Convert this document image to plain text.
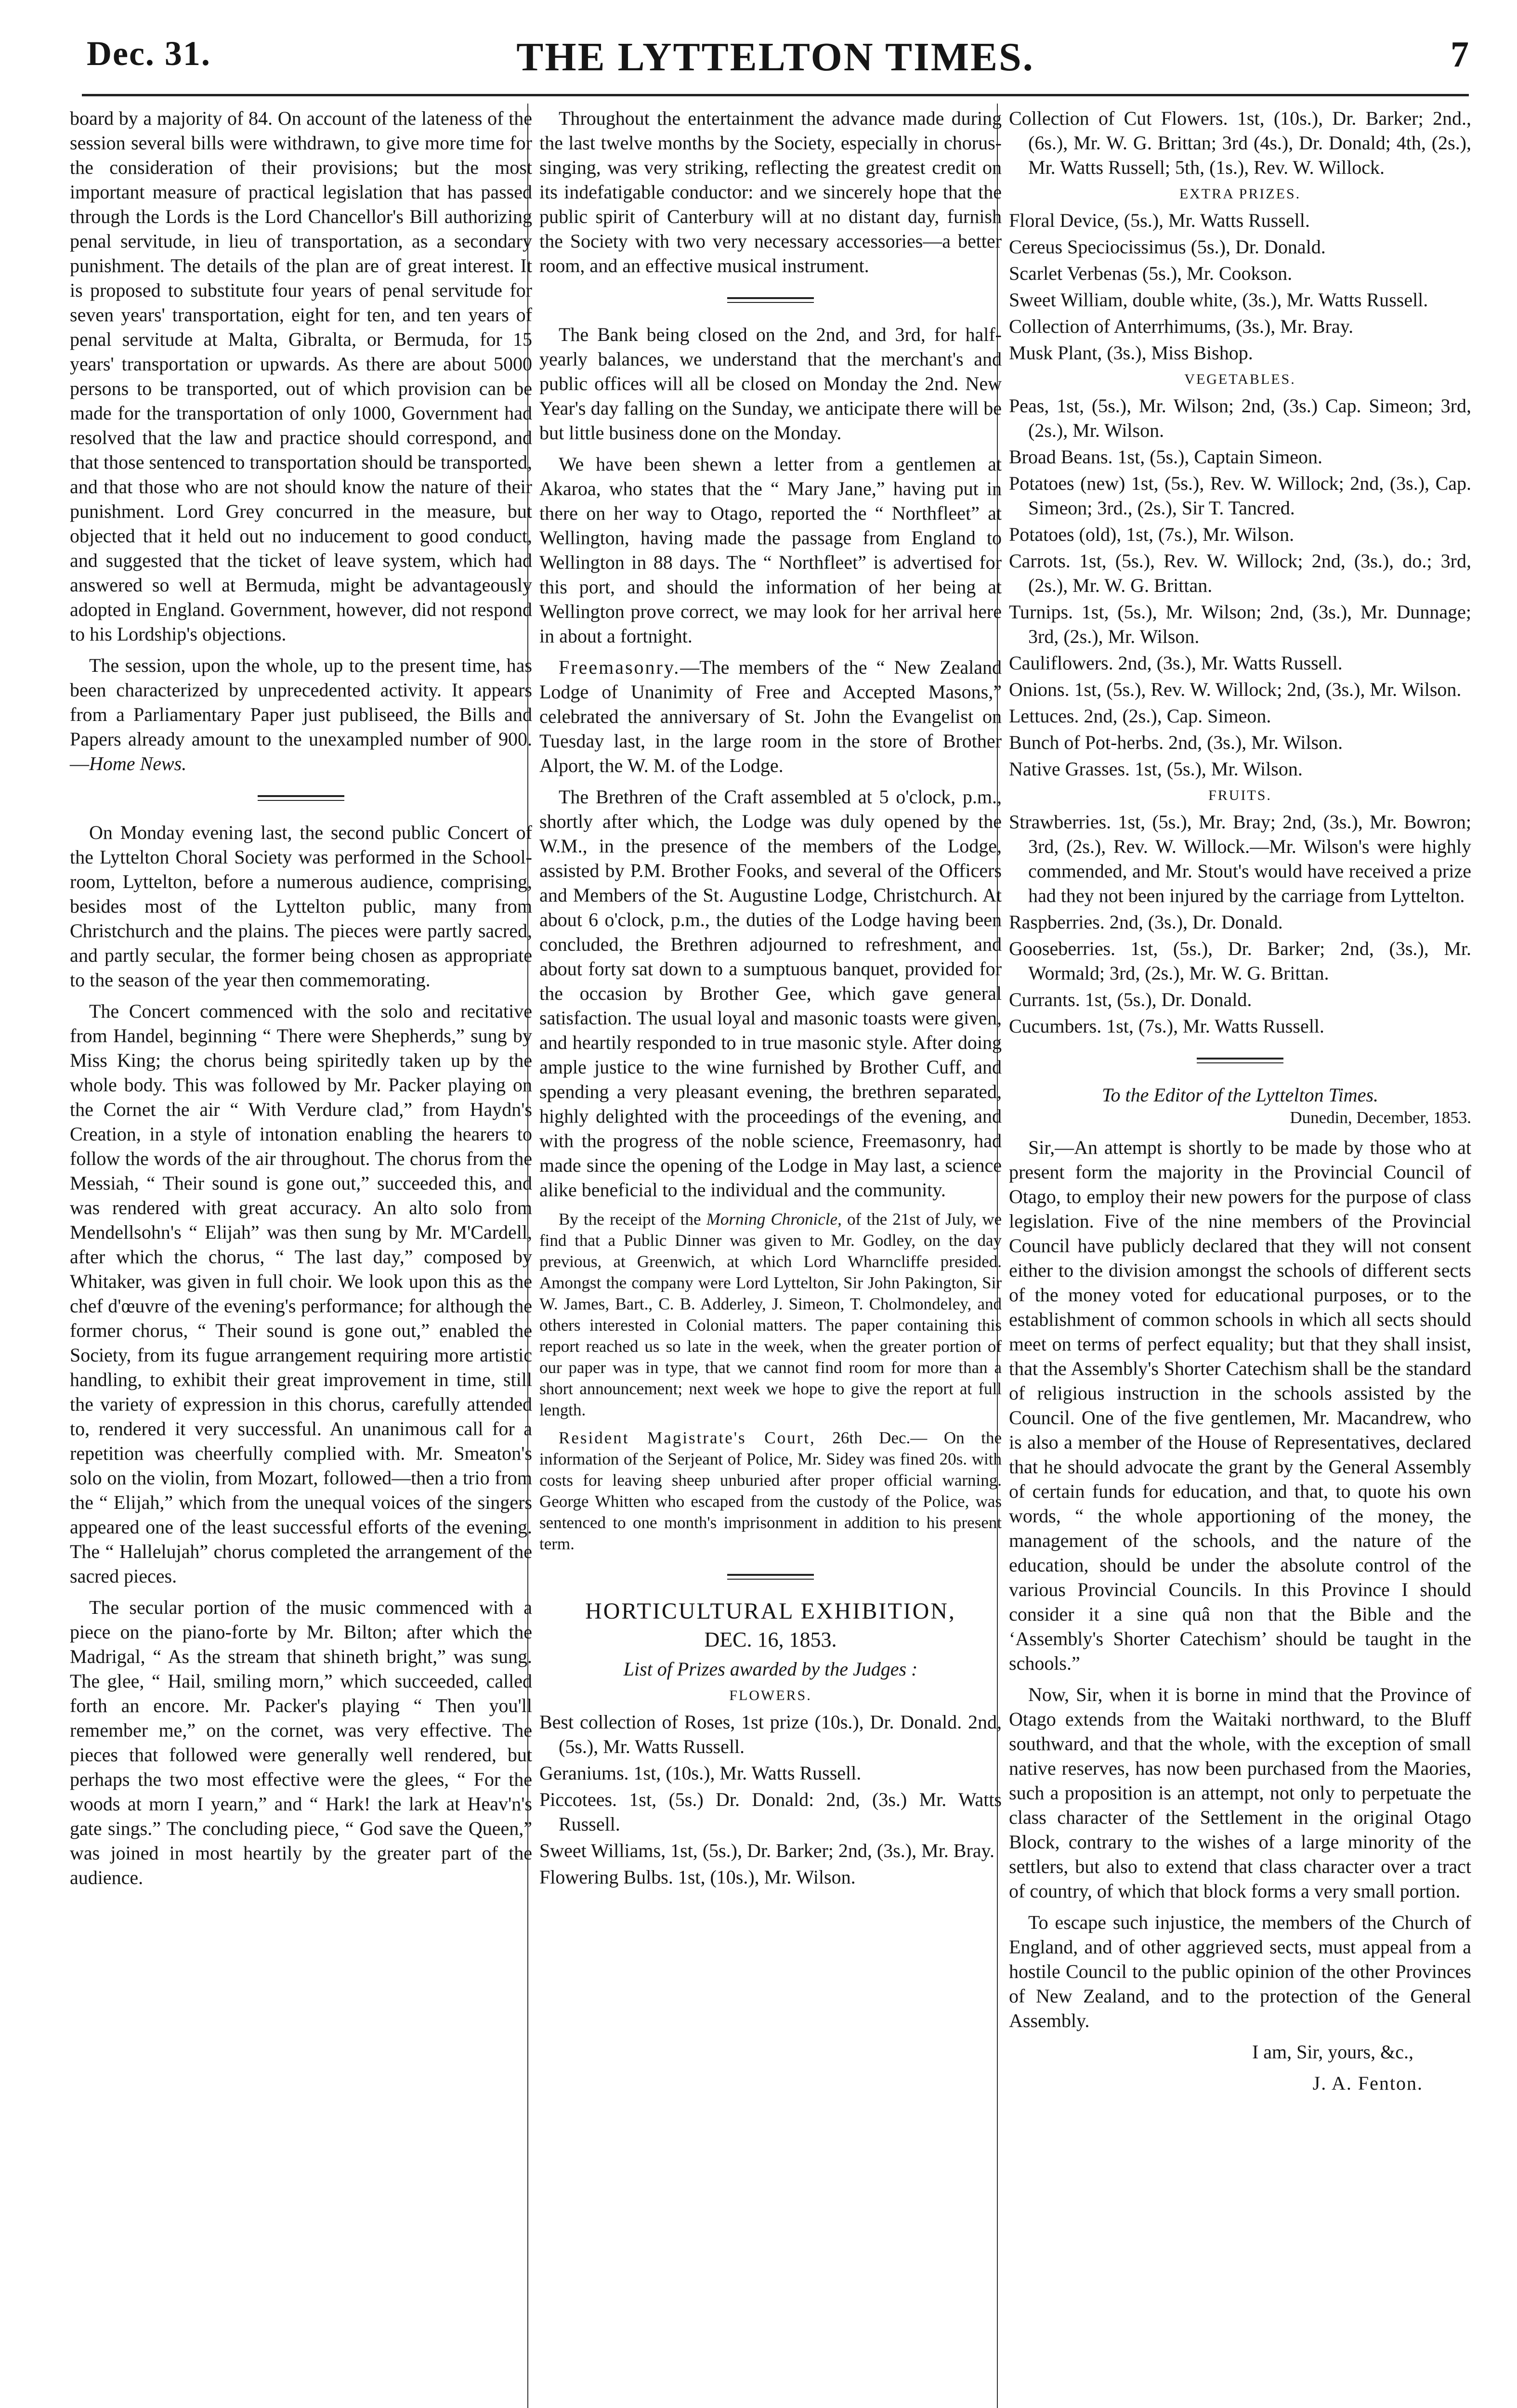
Dec. 31.	THE LYTTELTON TIMES.	7

board by a majority of 84. On account of the lateness of the session several bills were withdrawn, to give more time for the consideration of their provisions; but the most important measure of practical legislation that has passed through the Lords is the Lord Chancellor's Bill authorizing penal servitude, in lieu of transportation, as a secondary punishment. The details of the plan are of great interest. It is proposed to substitute four years of penal servitude for seven years' transportation, eight for ten, and ten years of penal servitude at Malta, Gibralta, or Bermuda, for 15 years' transportation or upwards. As there are about 5000 persons to be transported, out of which provision can be made for the transportation of only 1000, Government had resolved that the law and practice should correspond, and that those sentenced to transportation should be transported, and that those who are not should know the nature of their punishment. Lord Grey concurred in the measure, but objected that it held out no inducement to good conduct, and suggested that the ticket of leave system, which had answered so well at Bermuda, might be advantageously adopted in England. Government, however, did not respond to his Lordship's objections.

The session, upon the whole, up to the present time, has been characterized by unprecedented activity. It appears from a Parliamentary Paper just publiseed, the Bills and Papers already amount to the unexampled number of 900.—Home News.

On Monday evening last, the second public Concert of the Lyttelton Choral Society was performed in the School-room, Lyttelton, before a numerous audience, comprising, besides most of the Lyttelton public, many from Christchurch and the plains. The pieces were partly sacred, and partly secular, the former being chosen as appropriate to the season of the year then commemorating.

The Concert commenced with the solo and recitative from Handel, beginning “ There were Shepherds,” sung by Miss King; the chorus being spiritedly taken up by the whole body. This was followed by Mr. Packer playing on the Cornet the air “ With Verdure clad,” from Haydn's Creation, in a style of intonation enabling the hearers to follow the words of the air throughout. The chorus from the Messiah, “ Their sound is gone out,” succeeded this, and was rendered with great accuracy. An alto solo from Mendellsohn's “ Elijah” was then sung by Mr. M'Cardell, after which the chorus, “ The last day,” composed by Whitaker, was given in full choir. We look upon this as the chef d'œuvre of the evening's performance; for although the former chorus, “ Their sound is gone out,” enabled the Society, from its fugue arrangement requiring more artistic handling, to exhibit their great improvement in time, still the variety of expression in this chorus, carefully attended to, rendered it very successful. An unanimous call for a repetition was cheerfully complied with. Mr. Smeaton's solo on the violin, from Mozart, followed—then a trio from the “ Elijah,” which from the unequal voices of the singers appeared one of the least successful efforts of the evening. The “ Hallelujah” chorus completed the arrangement of the sacred pieces.

The secular portion of the music commenced with a piece on the piano-forte by Mr. Bilton; after which the Madrigal, “ As the stream that shineth bright,” was sung. The glee, “ Hail, smiling morn,” which succeeded, called forth an encore. Mr. Packer's playing “ Then you'll remember me,” on the cornet, was very effective. The pieces that followed were generally well rendered, but perhaps the two most effective were the glees, “ For the woods at morn I yearn,” and “ Hark! the lark at Heav'n's gate sings.” The concluding piece, “ God save the Queen,” was joined in most heartily by the greater part of the audience.

Throughout the entertainment the advance made during the last twelve months by the Society, especially in chorus-singing, was very striking, reflecting the greatest credit on its indefatigable conductor: and we sincerely hope that the public spirit of Canterbury will at no distant day, furnish the Society with two very necessary accessories—a better room, and an effective musical instrument.

The Bank being closed on the 2nd, and 3rd, for half-yearly balances, we understand that the merchant's and public offices will all be closed on Monday the 2nd. New Year's day falling on the Sunday, we anticipate there will be but little business done on the Monday.

We have been shewn a letter from a gentlemen at Akaroa, who states that the “ Mary Jane,” having put in there on her way to Otago, reported the “ Northfleet” at Wellington, having made the passage from England to Wellington in 88 days. The “ Northfleet” is advertised for this port, and should the information of her being at Wellington prove correct, we may look for her arrival here in about a fortnight.

Freemasonry.—The members of the “ New Zealand Lodge of Unanimity of Free and Accepted Masons,” celebrated the anniversary of St. John the Evangelist on Tuesday last, in the large room in the store of Brother Alport, the W. M. of the Lodge.

The Brethren of the Craft assembled at 5 o'clock, p.m., shortly after which, the Lodge was duly opened by the W.M., in the presence of the members of the Lodge, assisted by P.M. Brother Fooks, and several of the Officers and Members of the St. Augustine Lodge, Christchurch. At about 6 o'clock, p.m., the duties of the Lodge having been concluded, the Brethren adjourned to refreshment, and about forty sat down to a sumptuous banquet, provided for the occasion by Brother Gee, which gave general satisfaction. The usual loyal and masonic toasts were given, and heartily responded to in true masonic style. After doing ample justice to the wine furnished by Brother Cuff, and spending a very pleasant evening, the brethren separated, highly delighted with the proceedings of the evening, and with the progress of the noble science, Freemasonry, had made since the opening of the Lodge in May last, a science alike beneficial to the individual and the community.

By the receipt of the Morning Chronicle, of the 21st of July, we find that a Public Dinner was given to Mr. Godley, on the day previous, at Greenwich, at which Lord Wharncliffe presided. Amongst the company were Lord Lyttelton, Sir John Pakington, Sir W. James, Bart., C. B. Adderley, J. Simeon, T. Cholmondeley, and others interested in Colonial matters. The paper containing this report reached us so late in the week, when the greater portion of our paper was in type, that we cannot find room for more than a short announcement; next week we hope to give the report at full length.

Resident Magistrate's Court, 26th Dec.— On the information of the Serjeant of Police, Mr. Sidey was fined 20s. with costs for leaving sheep unburied after proper official warning. George Whitten who escaped from the custody of the Police, was sentenced to one month's imprisonment in addition to his present term.

HORTICULTURAL EXHIBITION,
DEC. 16, 1853.
List of Prizes awarded by the Judges :
FLOWERS.
Best collection of Roses, 1st prize (10s.), Dr. Donald. 2nd, (5s.), Mr. Watts Russell.
Geraniums. 1st, (10s.), Mr. Watts Russell.
Piccotees. 1st, (5s.) Dr. Donald: 2nd, (3s.) Mr. Watts Russell.
Sweet Williams, 1st, (5s.), Dr. Barker; 2nd, (3s.), Mr. Bray.
Flowering Bulbs. 1st, (10s.), Mr. Wilson.
Collection of Cut Flowers. 1st, (10s.), Dr. Barker; 2nd., (6s.), Mr. W. G. Brittan; 3rd (4s.), Dr. Donald; 4th, (2s.), Mr. Watts Russell; 5th, (1s.), Rev. W. Willock.
EXTRA PRIZES.
Floral Device, (5s.), Mr. Watts Russell.
Cereus Speciocissimus (5s.), Dr. Donald.
Scarlet Verbenas (5s.), Mr. Cookson.
Sweet William, double white, (3s.), Mr. Watts Russell.
Collection of Anterrhimums, (3s.), Mr. Bray.
Musk Plant, (3s.), Miss Bishop.
VEGETABLES.
Peas, 1st, (5s.), Mr. Wilson; 2nd, (3s.) Cap. Simeon; 3rd, (2s.), Mr. Wilson.
Broad Beans. 1st, (5s.), Captain Simeon.
Potatoes (new) 1st, (5s.), Rev. W. Willock; 2nd, (3s.), Cap. Simeon; 3rd., (2s.), Sir T. Tancred.
Potatoes (old), 1st, (7s.), Mr. Wilson.
Carrots. 1st, (5s.), Rev. W. Willock; 2nd, (3s.), do.; 3rd, (2s.), Mr. W. G. Brittan.
Turnips. 1st, (5s.), Mr. Wilson; 2nd, (3s.), Mr. Dunnage; 3rd, (2s.), Mr. Wilson.
Cauliflowers. 2nd, (3s.), Mr. Watts Russell.
Onions. 1st, (5s.), Rev. W. Willock; 2nd, (3s.), Mr. Wilson.
Lettuces. 2nd, (2s.), Cap. Simeon.
Bunch of Pot-herbs. 2nd, (3s.), Mr. Wilson.
Native Grasses. 1st, (5s.), Mr. Wilson.
FRUITS.
Strawberries. 1st, (5s.), Mr. Bray; 2nd, (3s.), Mr. Bowron; 3rd, (2s.), Rev. W. Willock.—Mr. Wilson's were highly commended, and Mr. Stout's would have received a prize had they not been injured by the carriage from Lyttelton.
Raspberries. 2nd, (3s.), Dr. Donald.
Gooseberries. 1st, (5s.), Dr. Barker; 2nd, (3s.), Mr. Wormald; 3rd, (2s.), Mr. W. G. Brittan.
Currants. 1st, (5s.), Dr. Donald.
Cucumbers. 1st, (7s.), Mr. Watts Russell.
To the Editor of the Lyttelton Times.

Dunedin, December, 1853.

Sir,—An attempt is shortly to be made by those who at present form the majority in the Provincial Council of Otago, to employ their new powers for the purpose of class legislation. Five of the nine members of the Provincial Council have publicly declared that they will not consent either to the division amongst the schools of different sects of the money voted for educational purposes, or to the establishment of common schools in which all sects should meet on terms of perfect equality; but that they shall insist, that the Assembly's Shorter Catechism shall be the standard of religious instruction in the schools assisted by the Council. One of the five gentlemen, Mr. Macandrew, who is also a member of the House of Representatives, declared that he should advocate the grant by the General Assembly of certain funds for education, and that, to quote his own words, “ the whole apportioning of the money, the management of the schools, and the nature of the education, should be under the absolute control of the various Provincial Councils. In this Province I should consider it a sine quâ non that the Bible and the ‘Assembly's Shorter Catechism’ should be taught in the schools.”

Now, Sir, when it is borne in mind that the Province of Otago extends from the Waitaki northward, to the Bluff southward, and that the whole, with the exception of small native reserves, has now been purchased from the Maories, such a proposition is an attempt, not only to perpetuate the class character of the Settlement in the original Otago Block, contrary to the wishes of a large minority of the settlers, but also to extend that class character over a tract of country, of which that block forms a very small portion.

To escape such injustice, the members of the Church of England, and of other aggrieved sects, must appeal from a hostile Council to the public opinion of the other Provinces of New Zealand, and to the protection of the General Assembly.

I am, Sir, yours, &c.,

J. A. Fenton.
